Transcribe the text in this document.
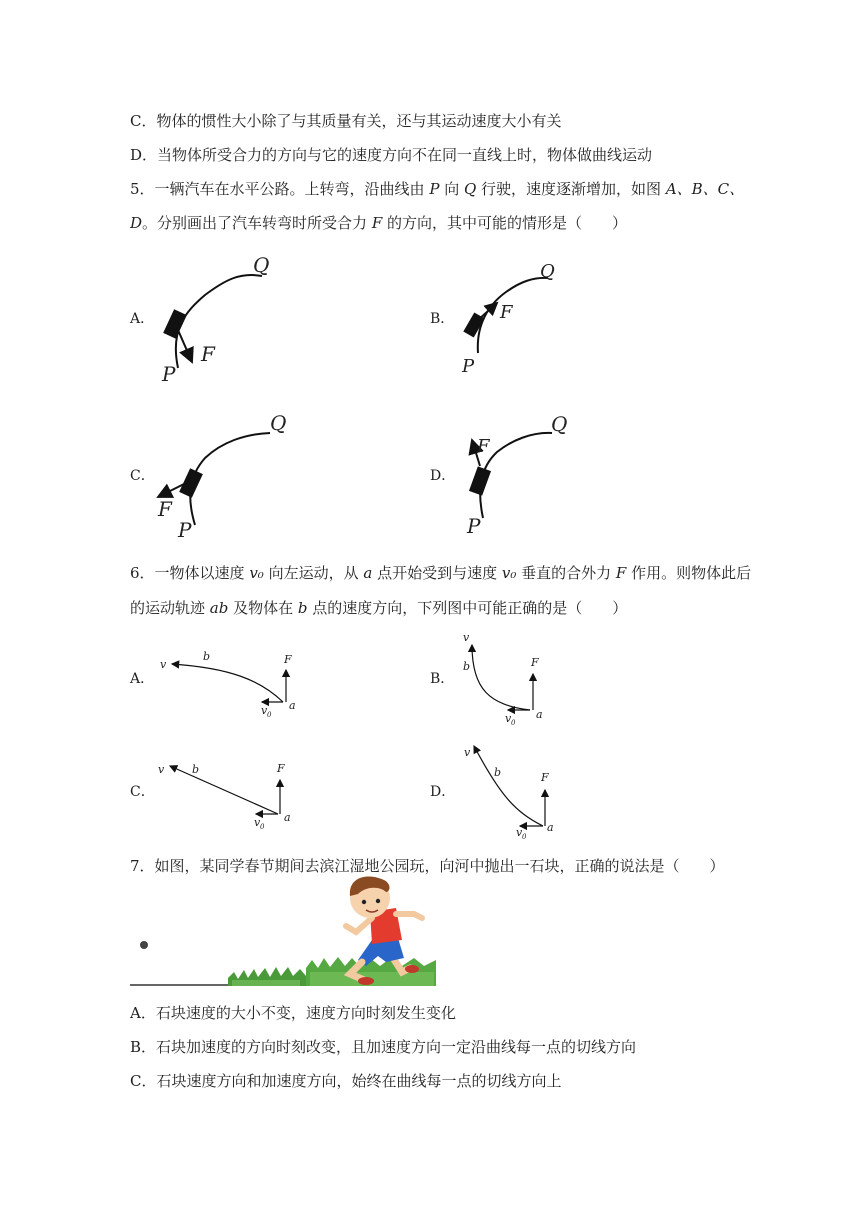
C．物体的惯性大小除了与其质量有关，还与其运动速度大小有关
D．当物体所受合力的方向与它的速度方向不在同一直线上时，物体做曲线运动
5．一辆汽车在水平公路。上转弯，沿曲线由 P 向 Q 行驶，速度逐渐增加，如图 A、B、C、
D。分别画出了汽车转弯时所受合力 F 的方向，其中可能的情形是（　　）
A．	B．
C．	D．
F
P
Q
F
P
Q
F
P
Q
F
P
Q
6．一物体以速度 v₀ 向左运动，从 a 点开始受到与速度 v₀ 垂直的合外力 F 作用。则物体此后
的运动轨迹 ab 及物体在 b 点的速度方向，下列图中可能正确的是（　　）
A．	B．
C．	D．
v
b	F
v 0
a
v
b	F
v 0
a
v	b	F
v 0
a
v
b	F
v 0
a
7．如图，某同学春节期间去滨江湿地公园玩，向河中抛出一石块，正确的说法是（　　）
A．石块速度的大小不变，速度方向时刻发生变化
B．石块加速度的方向时刻改变，且加速度方向一定沿曲线每一点的切线方向
C．石块速度方向和加速度方向，始终在曲线每一点的切线方向上
